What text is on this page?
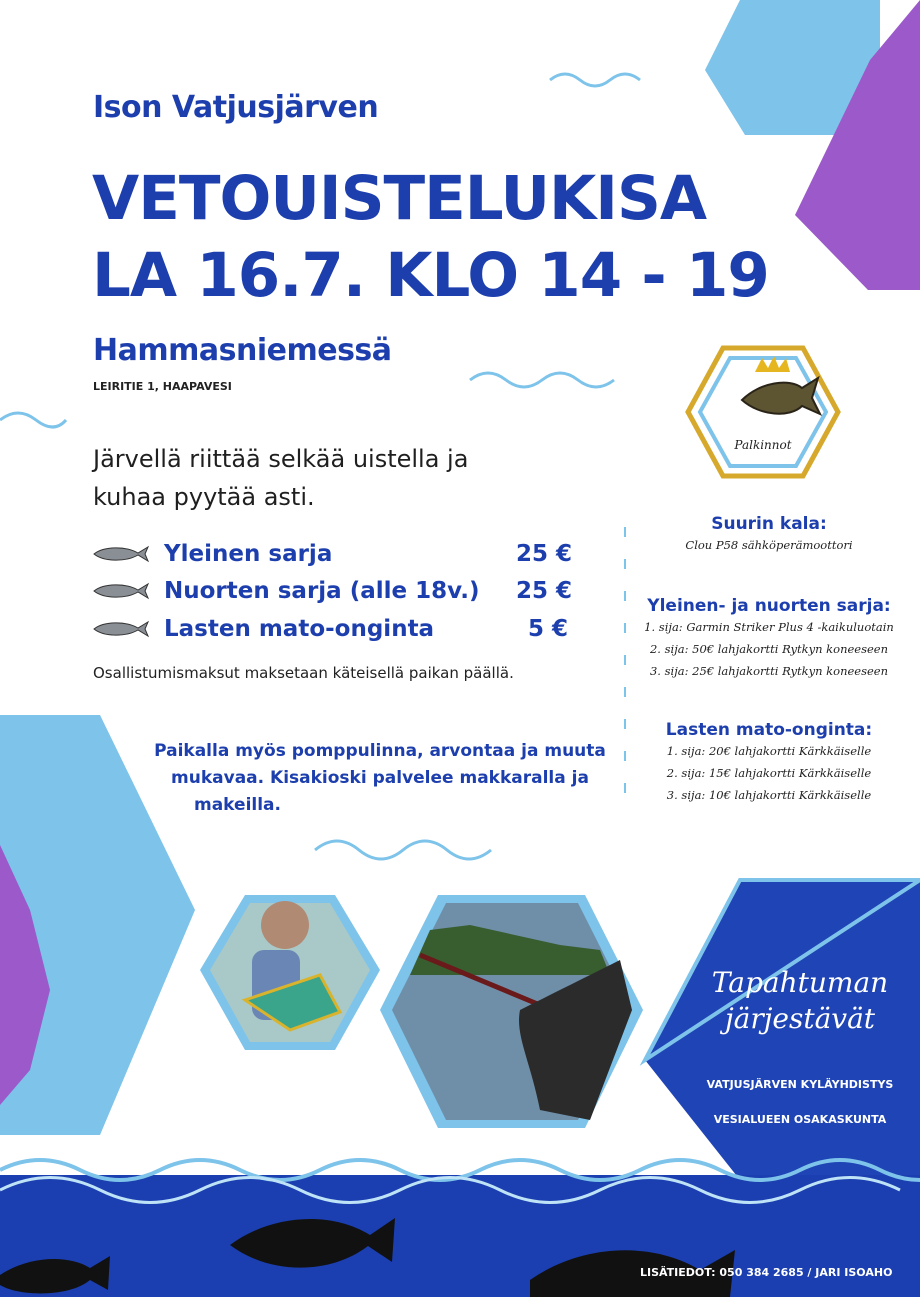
Ison Vatjusjärven
VETOUISTELUKISA
LA 16.7. KLO 14 - 19
Hammasniemessä
LEIRITIE 1, HAAPAVESI
Järvellä riittää selkää uistella ja
kuhaa pyytää asti.
Yleinen sarja	25 €
Nuorten sarja (alle 18v.)	25 €
Lasten mato-onginta	5 €
Osallistumismaksut maksetaan käteisellä paikan päällä.
Paikalla myös pomppulinna, arvontaa ja muuta
mukavaa. Kisakioski palvelee makkaralla ja
makeilla.
Palkinnot
Suurin kala:
Clou P58 sähköperämoottori
Yleinen- ja nuorten sarja:
1. sija: Garmin Striker Plus 4 -kaikuluotain
2. sija: 50€ lahjakortti Rytkyn koneeseen
3. sija: 25€ lahjakortti Rytkyn koneeseen
Lasten mato-onginta:
1. sija: 20€ lahjakortti Kärkkäiselle
2. sija: 15€ lahjakortti Kärkkäiselle
3. sija: 10€ lahjakortti Kärkkäiselle
Tapahtuman
järjestävät
VATJUSJÄRVEN KYLÄYHDISTYS
VESIALUEEN OSAKASKUNTA
LISÄTIEDOT: 050 384 2685 / JARI ISOAHO
